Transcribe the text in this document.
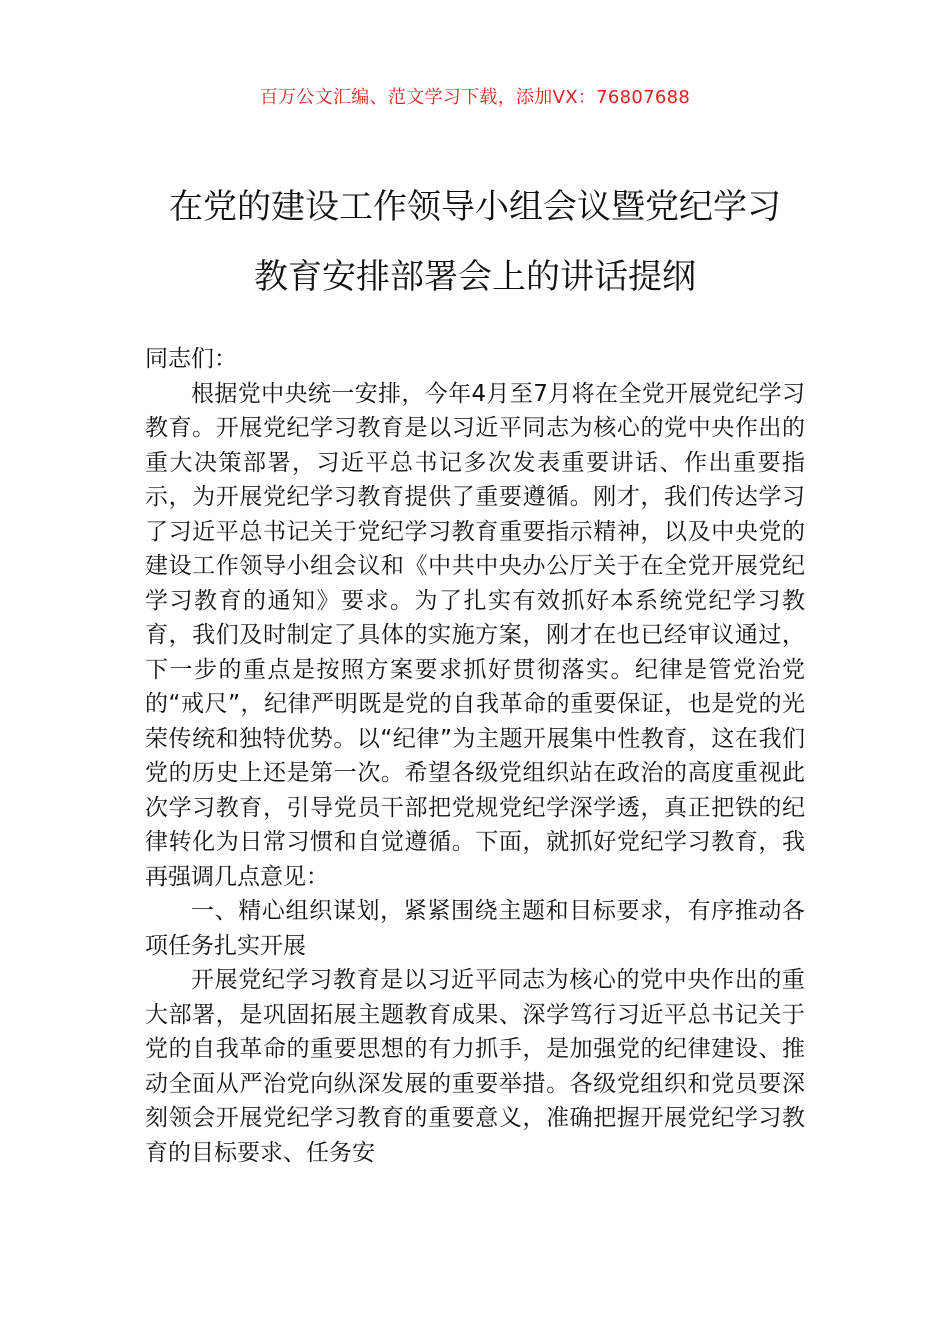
百万公文汇编、范文学习下载，添加VX：76807688
在党的建设工作领导小组会议暨党纪学习
教育安排部署会上的讲话提纲

同志们：

根据党中央统一安排，今年4月至7月将在全党开展党纪学习教育。开展党纪学习教育是以习近平同志为核心的党中央作出的重大决策部署，习近平总书记多次发表重要讲话、作出重要指示，为开展党纪学习教育提供了重要遵循。刚才，我们传达学习了习近平总书记关于党纪学习教育重要指示精神，以及中央党的建设工作领导小组会议和《中共中央办公厅关于在全党开展党纪学习教育的通知》要求。为了扎实有效抓好本系统党纪学习教育，我们及时制定了具体的实施方案，刚才在也已经审议通过，下一步的重点是按照方案要求抓好贯彻落实。纪律是管党治党的“戒尺”，纪律严明既是党的自我革命的重要保证，也是党的光荣传统和独特优势。以“纪律”为主题开展集中性教育，这在我们党的历史上还是第一次。希望各级党组织站在政治的高度重视此次学习教育，引导党员干部把党规党纪学深学透，真正把铁的纪律转化为日常习惯和自觉遵循。下面，就抓好党纪学习教育，我再强调几点意见：

一、精心组织谋划，紧紧围绕主题和目标要求，有序推动各项任务扎实开展

开展党纪学习教育是以习近平同志为核心的党中央作出的重大部署，是巩固拓展主题教育成果、深学笃行习近平总书记关于党的自我革命的重要思想的有力抓手，是加强党的纪律建设、推动全面从严治党向纵深发展的重要举措。各级党组织和党员要深刻领会开展党纪学习教育的重要意义，准确把握开展党纪学习教育的目标要求、任务安
